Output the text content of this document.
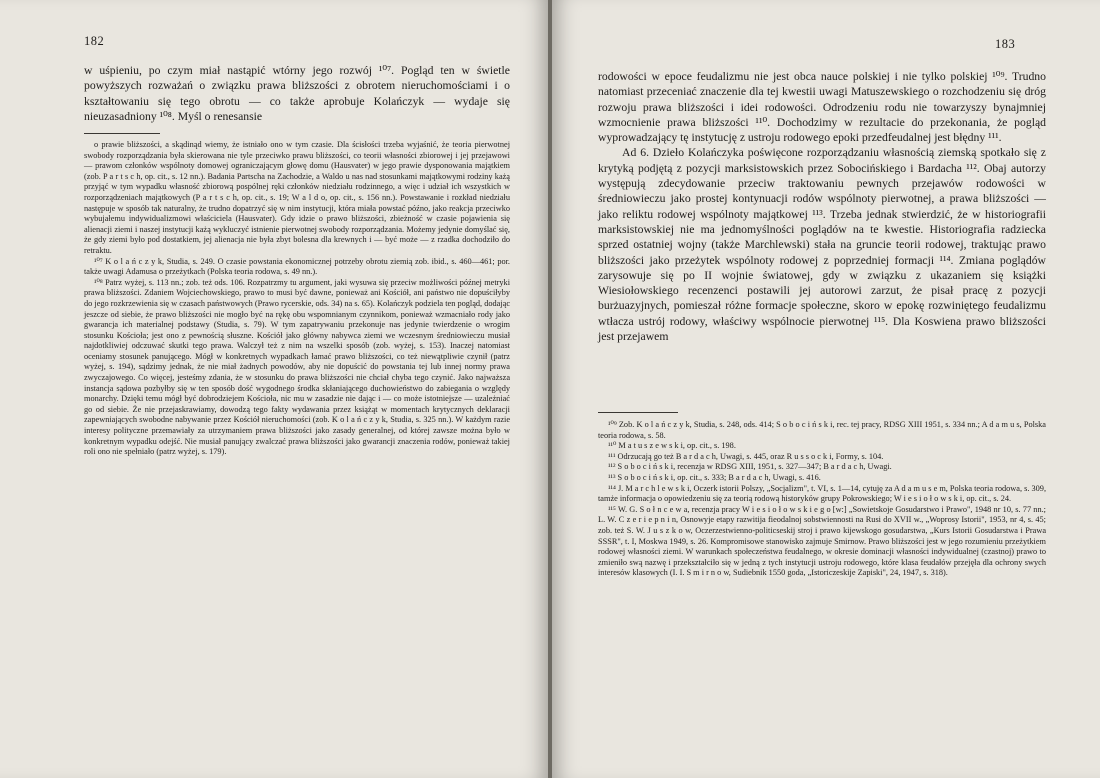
182
w uśpieniu, po czym miał nastąpić wtórny jego rozwój ¹⁰⁷. Pogląd ten w świetle powyższych rozważań o związku prawa bliższości z obrotem nieruchomościami i o kształtowaniu się tego obrotu — co także aprobuje Kolańczyk — wydaje się nieuzasadniony ¹⁰⁸. Myśl o renesansie

o prawie bliższości, a skądinąd wiemy, że istniało ono w tym czasie. Dla ścisłości trzeba wyjaśnić, że teoria pierwotnej swobody rozporządzania była skierowana nie tyle przeciwko prawu bliższości, co teorii własności zbiorowej i jej przejawowi — prawom członków wspólnoty domowej ograniczającym głowę domu (Hausvater) w jego prawie dysponowania majątkiem (zob. P a r t s c h, op. cit., s. 12 nn.). Badania Partscha na Zachodzie, a Waldo u nas nad stosunkami majątkowymi rodziny każą przyjąć w tym wypadku własność zbiorową pospólnej ręki członków niedziału rodzinnego, a więc i udział ich wszystkich w rozporządzeniach majątkowych (P a r t s c h, op. cit., s. 19; W a l d o, op. cit., s. 156 nn.). Powstawanie i rozkład niedziału następuje w sposób tak naturalny, że trudno dopatrzyć się w nim instytucji, która miała powstać późno, jako reakcja przeciwko wybujałemu indywidualizmowi właściciela (Hausvater). Gdy idzie o prawo bliższości, zbieżność w czasie pojawienia się alienacji ziemi i naszej instytucji każą wykluczyć istnienie pierwotnej swobody rozporządzania. Możemy jedynie domyślać się, że gdy ziemi było pod dostatkiem, jej alienacja nie była zbyt bolesna dla krewnych i — być może — z rzadka dochodziło do retraktu.

¹⁰⁷ K o l a ń c z y k, Studia, s. 249. O czasie powstania ekonomicznej potrzeby obrotu ziemią zob. ibid., s. 460—461; por. także uwagi Adamusa o przeżytkach (Polska teoria rodowa, s. 49 nn.).

¹⁰⁸ Patrz wyżej, s. 113 nn.; zob. też ods. 106. Rozpatrzmy tu argument, jaki wysuwa się przeciw możliwości późnej metryki prawa bliższości. Zdaniem Wojciechowskiego, prawo to musi być dawne, ponieważ ani Kościół, ani państwo nie dopuściłyby do jego rozkrzewienia się w czasach państwowych (Prawo rycerskie, ods. 34) na s. 65). Kolańczyk podziela ten pogląd, dodając jeszcze od siebie, że prawo bliższości nie mogło być na rękę obu wspomnianym czynnikom, ponieważ wzmacniało rody jako gwarancja ich materialnej podstawy (Studia, s. 79). W tym zapatrywaniu przekonuje nas jedynie twierdzenie o wrogim stosunku Kościoła; jest ono z pewnością słuszne. Kościół jako główny nabywca ziemi we wczesnym średniowieczu musiał najdotkliwiej odczuwać skutki tego prawa. Walczył też z nim na wszelki sposób (zob. wyżej, s. 153). Inaczej natomiast oceniamy stosunek panującego. Mógł w konkretnych wypadkach łamać prawo bliższości, co też niewątpliwie czynił (patrz wyżej, s. 194), sądzimy jednak, że nie miał żadnych powodów, aby nie dopuścić do powstania tej lub innej normy prawa zwyczajowego. Co więcej, jesteśmy zdania, że w stosunku do prawa bliższości nie chciał chyba tego czynić. Jako najważsza instancja sądowa pozbyłby się w ten sposób dość wygodnego środka skłaniającego duchowieństwo do zabiegania o względy monarchy. Dzięki temu mógł być dobrodziejem Kościoła, nic mu w zasadzie nie dając i — co może istotniejsze — uzależniać go od siebie. Że nie przejaskrawiamy, dowodzą tego fakty wydawania przez książąt w momentach krytycznych deklaracji zapewniających swobodne nabywanie przez Kościół nieruchomości (zob. K o l a ń c z y k, Studia, s. 325 nn.). W każdym razie interesy polityczne przemawiały za utrzymaniem prawa bliższości jako zasady generalnej, od której zawsze można było w konkretnym wypadku odejść. Nie musiał panujący zwalczać prawa bliższości jako gwarancji znaczenia rodów, ponieważ takiej roli ono nie spełniało (patrz wyżej, s. 179).

183
rodowości w epoce feudalizmu nie jest obca nauce polskiej i nie tylko polskiej ¹⁰⁹. Trudno natomiast przeceniać znaczenie dla tej kwestii uwagi Matuszewskiego o rozchodzeniu się dróg rozwoju prawa bliższości i idei rodowości. Odrodzeniu rodu nie towarzyszy bynajmniej wzmocnienie prawa bliższości ¹¹⁰. Dochodzimy w rezultacie do przekonania, że pogląd wyprowadzający tę instytucję z ustroju rodowego epoki przedfeudalnej jest błędny ¹¹¹.
Ad 6. Dzieło Kolańczyka poświęcone rozporządzaniu własnością ziemską spotkało się z krytyką podjętą z pozycji marksistowskich przez Sobocińskiego i Bardacha ¹¹². Obaj autorzy występują zdecydowanie przeciw traktowaniu pewnych przejawów rodowości w średniowieczu jako prostej kontynuacji rodów wspólnoty pierwotnej, a prawa bliższości — jako reliktu rodowej wspólnoty majątkowej ¹¹³. Trzeba jednak stwierdzić, że w historiografii marksistowskiej nie ma jednomyślności poglądów na te kwestie. Historiografia radziecka sprzed ostatniej wojny (także Marchlewski) stała na gruncie teorii rodowej, traktując prawo bliższości jako przeżytek wspólnoty rodowej z poprzedniej formacji ¹¹⁴. Zmiana poglądów zarysowuje się po II wojnie światowej, gdy w związku z ukazaniem się książki Wiesiołowskiego recenzenci postawili jej autorowi zarzut, że pisał pracę z pozycji burżuazyjnych, pomieszał różne formacje społeczne, skoro w epokę rozwiniętego feudalizmu wtłacza ustrój rodowy, właściwy wspólnocie pierwotnej ¹¹⁵. Dla Koswiena prawo bliższości jest przejawem

¹⁰⁹ Zob. K o l a ń c z y k, Studia, s. 248, ods. 414; S o b o c i ń s k i, rec. tej pracy, RDSG XIII 1951, s. 334 nn.; A d a m u s, Polska teoria rodowa, s. 58.

¹¹⁰ M a t u s z e w s k i, op. cit., s. 198.

¹¹¹ Odrzucają go też B a r d a c h, Uwagi, s. 445, oraz R u s s o c k i, Formy, s. 104.

¹¹² S o b o c i ń s k i, recenzja w RDSG XIII, 1951, s. 327—347; B a r d a c h, Uwagi.

¹¹³ S o b o c i ń s k i, op. cit., s. 333; B a r d a c h, Uwagi, s. 416.

¹¹⁴ J. M a r c h l e w s k i, Oczerk istorii Polszy, „Socjalizm", t. VI, s. 1—14, cytuję za A d a m u s e m, Polska teoria rodowa, s. 309, tamże informacja o opowiedzeniu się za teorią rodową historyków grupy Pokrowskiego; W i e s i o ł o w s k i, op. cit., s. 24.

¹¹⁵ W. G. S o ł n c e w a, recenzja pracy W i e s i o ł o w s k i e g o [w:] „Sowietskoje Gosudarstwo i Prawo", 1948 nr 10, s. 77 nn.; L. W. C z e r i e p n i n, Osnowyje etapy razwitija fieodalnoj sobstwiennosti na Rusi do XVII w., „Woprosy Istorii", 1953, nr 4, s. 45; zob. też S. W. J u s z k o w, Oczerzestwienno-politicseskij stroj i prawo kijewskogo gosudarstwa, „Kurs Istorii Gosudarstwa i Prawa SSSR", t. I, Moskwa 1949, s. 26. Kompromisowe stanowisko zajmuje Smirnow. Prawo bliższości jest w jego rozumieniu przeżytkiem rodowej własności ziemi. W warunkach społeczeństwa feudalnego, w okresie dominacji własności indywidualnej (czastnoj) prawo to zmieniło swą nazwę i przekształciło się w jedną z tych instytucji ustroju rodowego, które klasa feudałów przejęła dla ochrony swych interesów klasowych (I. I. S m i r n o w, Sudiebnik 1550 goda, „Istoriczeskije Zapiski", 24, 1947, s. 318).
